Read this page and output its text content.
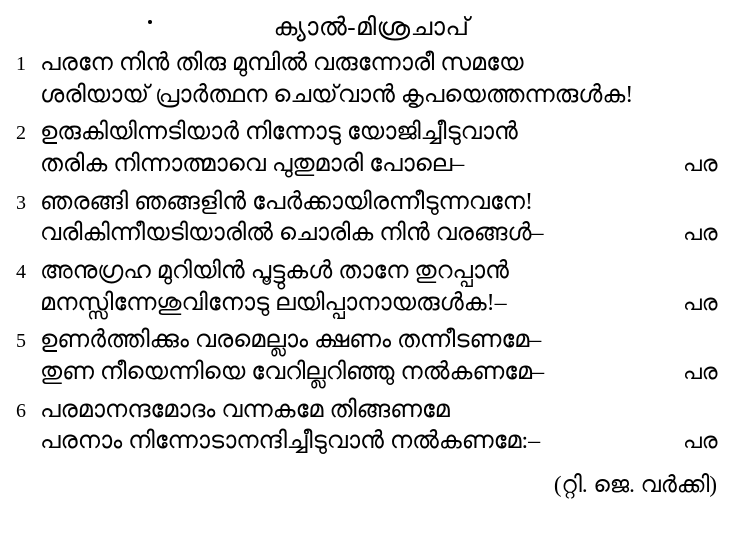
ക്യാല്‍-മിശ്രചാപ്
1 പരനേ നിന്‍ തിരു മുമ്പില്‍ വരുന്നോരീ സമയേ
ശരിയായ് പ്രാര്‍ത്ഥന ചെയ്‌വാന്‍ കൃപയെത്തന്നരുള്‍ക!
2 ഉരുകിയിന്നടിയാര്‍ നിന്നോടു യോജിച്ചീടുവാന്‍
തരിക നിന്നാത്മാവെ പുതുമാരി പോലെ–	പര
3 ഞരങ്ങി ഞങ്ങളിന്‍ പേര്‍ക്കായിരന്നീടുന്നവനേ!
വരികിന്നീയടിയാരില്‍ ചൊരിക നിന്‍ വരങ്ങള്‍–	പര
4 അനുഗ്രഹ മുറിയിന്‍ പൂട്ടുകള്‍ താനേ തുറപ്പാന്‍
മനസ്സിന്നേശുവിനോടു ലയിപ്പാനായരുള്‍ക!–	പര
5 ഉണര്‍ത്തിക്കും വരമെല്ലാം ക്ഷണം തന്നീടണമേ–
തുണ നീയെന്നിയെ വേറില്ലറിഞ്ഞു നല്‍കണമേ–	പര
6 പരമാനന്ദമോദം വന്നകമേ തിങ്ങണമേ
പരനാം നിന്നോടാനന്ദിച്ചീടുവാന്‍ നല്‍കണമേ:–	പര
(റ്റി. ജെ. വര്‍ക്കി)
